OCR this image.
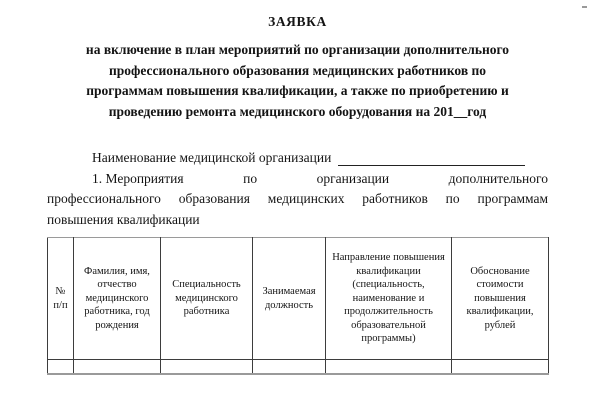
ЗАЯВКА
на включение в план мероприятий по организации дополнительного
профессионального образования медицинских работников по
программам повышения квалификации, а также по приобретению и
проведению ремонта медицинского оборудования на 201__год
Наименование медицинской организации
1. Мероприятия	по	организации	дополнительного
профессионального образования медицинских работников по программам
повышения квалификации
№ п/п	Фамилия, имя, отчество медицинского работника, год рождения	Специальность медицинского работника	Занимаемая должность	Направление повышения квалификации (специальность, наименование и продолжительность образовательной программы)	Обоснование стоимости повышения квалификации, рублей
